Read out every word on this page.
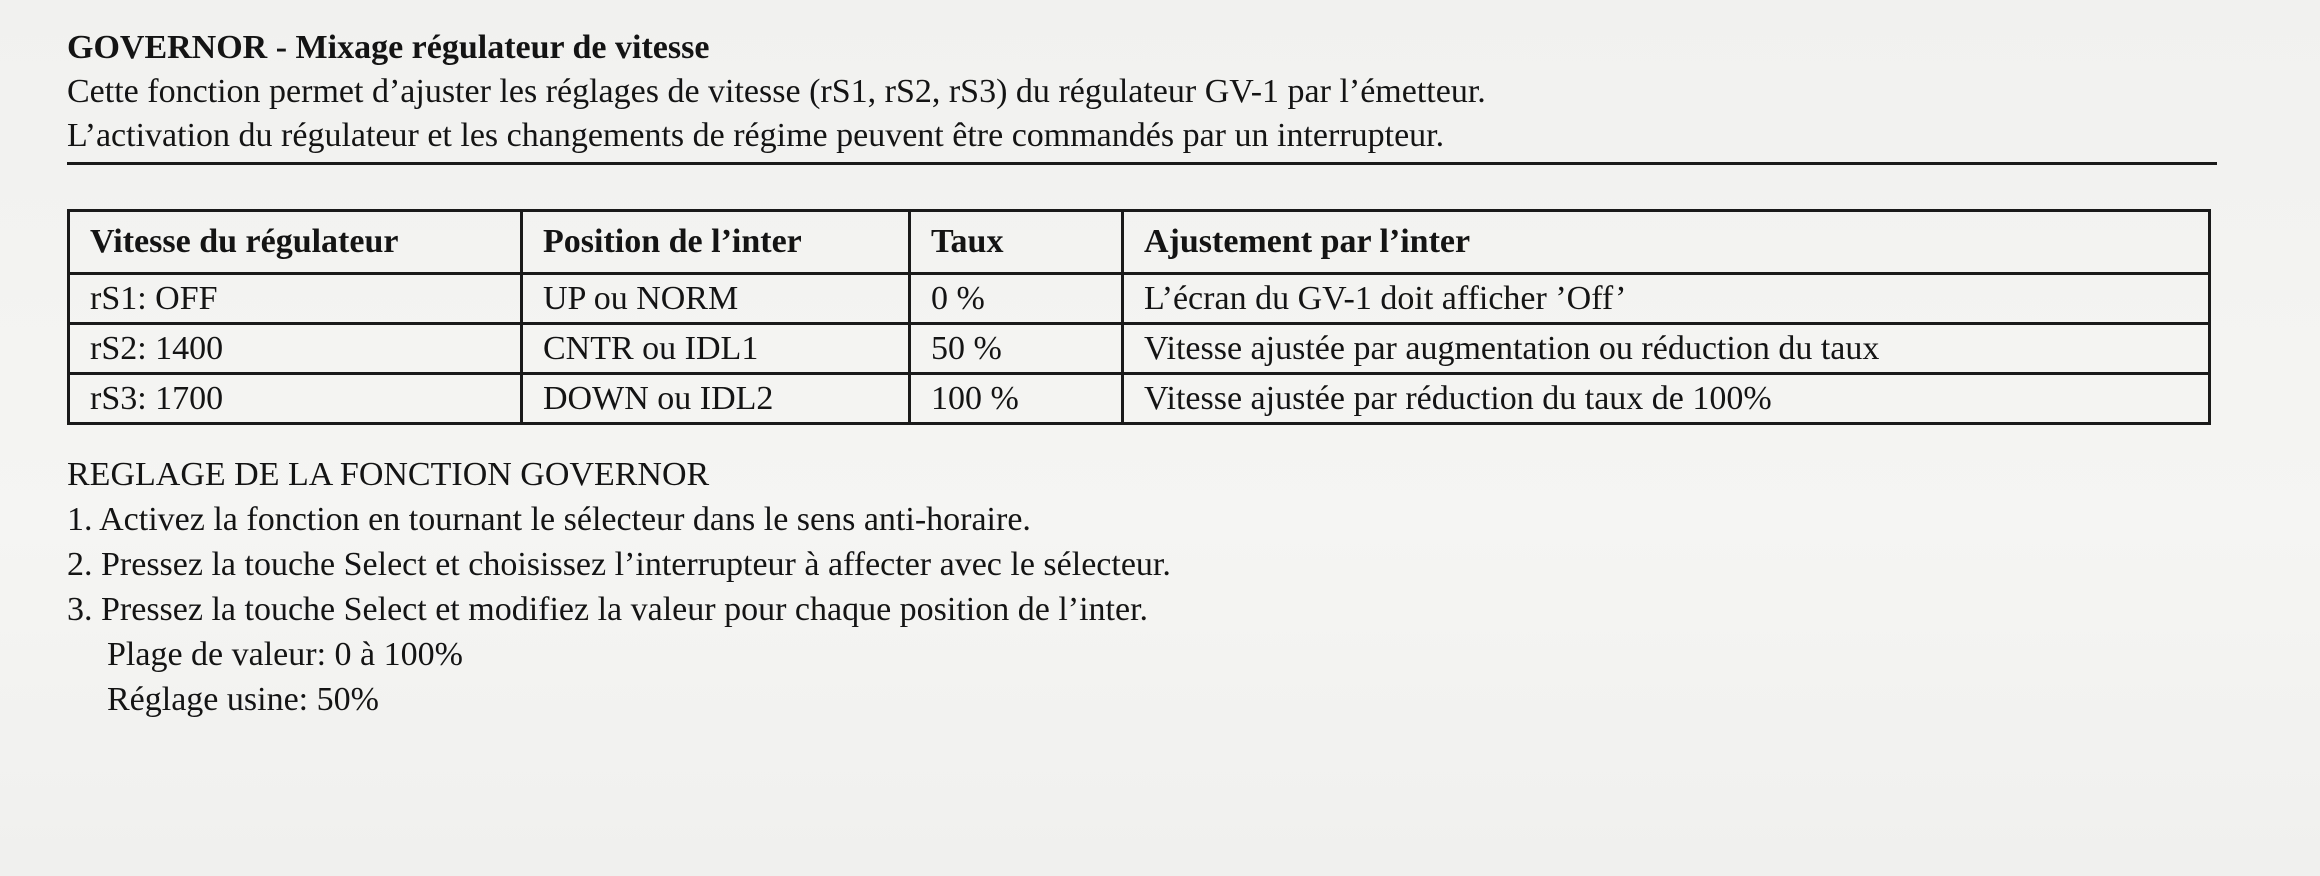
GOVERNOR - Mixage régulateur de vitesse

Cette fonction permet d’ajuster les réglages de vitesse (rS1, rS2, rS3) du régulateur GV-1 par l’émetteur.

L’activation du régulateur et les changements de régime peuvent être commandés par un interrupteur.

Vitesse du régulateur	Position de l’inter	Taux	Ajustement par l’inter
rS1: OFF	UP ou NORM	0 %	L’écran du GV-1 doit afficher ’Off’
rS2: 1400	CNTR ou IDL1	50 %	Vitesse ajustée par augmentation ou réduction du taux
rS3: 1700	DOWN ou IDL2	100 %	Vitesse ajustée par réduction du taux de 100%

REGLAGE DE LA FONCTION GOVERNOR

1. Activez la fonction en tournant le sélecteur dans le sens anti-horaire.
2. Pressez la touche Select et choisissez l’interrupteur à affecter avec le sélecteur.
3. Pressez la touche Select et modifiez la valeur pour chaque position de l’inter.
Plage de valeur: 0 à 100%
Réglage usine: 50%
